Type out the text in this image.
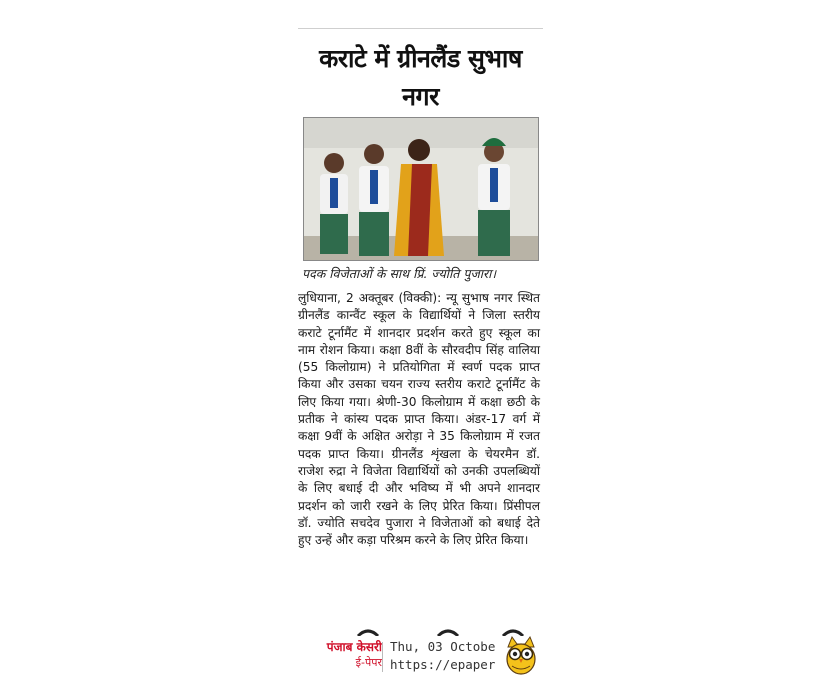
कराटे में ग्रीनलैंड सुभाष नगर
पदक विजेताओं के साथ प्रिं. ज्योति पुजारा।
लुधियाना, 2 अक्तूबर (विक्की): न्यू सुभाष नगर स्थित ग्रीनलैंड कान्वैंट स्कूल के विद्यार्थियों ने जिला स्तरीय कराटे टूर्नामैंट में शानदार प्रदर्शन करते हुए स्कूल का नाम रोशन किया। कक्षा 8वीं के सौरवदीप सिंह वालिया (55 किलोग्राम) ने प्रतियोगिता में स्वर्ण पदक प्राप्त किया और उसका चयन राज्य स्तरीय कराटे टूर्नामैंट के लिए किया गया। श्रेणी-30 किलोग्राम में कक्षा छठी के प्रतीक ने कांस्य पदक प्राप्त किया। अंडर-17 वर्ग में कक्षा 9वीं के अक्षित अरोड़ा ने 35 किलोग्राम में रजत पदक प्राप्त किया। ग्रीनलैंड शृंखला के चेयरमैन डॉ. राजेश रुद्रा ने विजेता विद्यार्थियों को उनकी उपलब्धियों के लिए बधाई दी और भविष्य में भी अपने शानदार प्रदर्शन को जारी रखने के लिए प्रेरित किया। प्रिंसीपल डॉ. ज्योति सचदेव पुजारा ने विजेताओं को बधाई देते हुए उन्हें और कड़ा परिश्रम करने के लिए प्रेरित किया।
पंजाब केसरी
ई-पेपर
Thu, 03 Octobe
https://epaper
